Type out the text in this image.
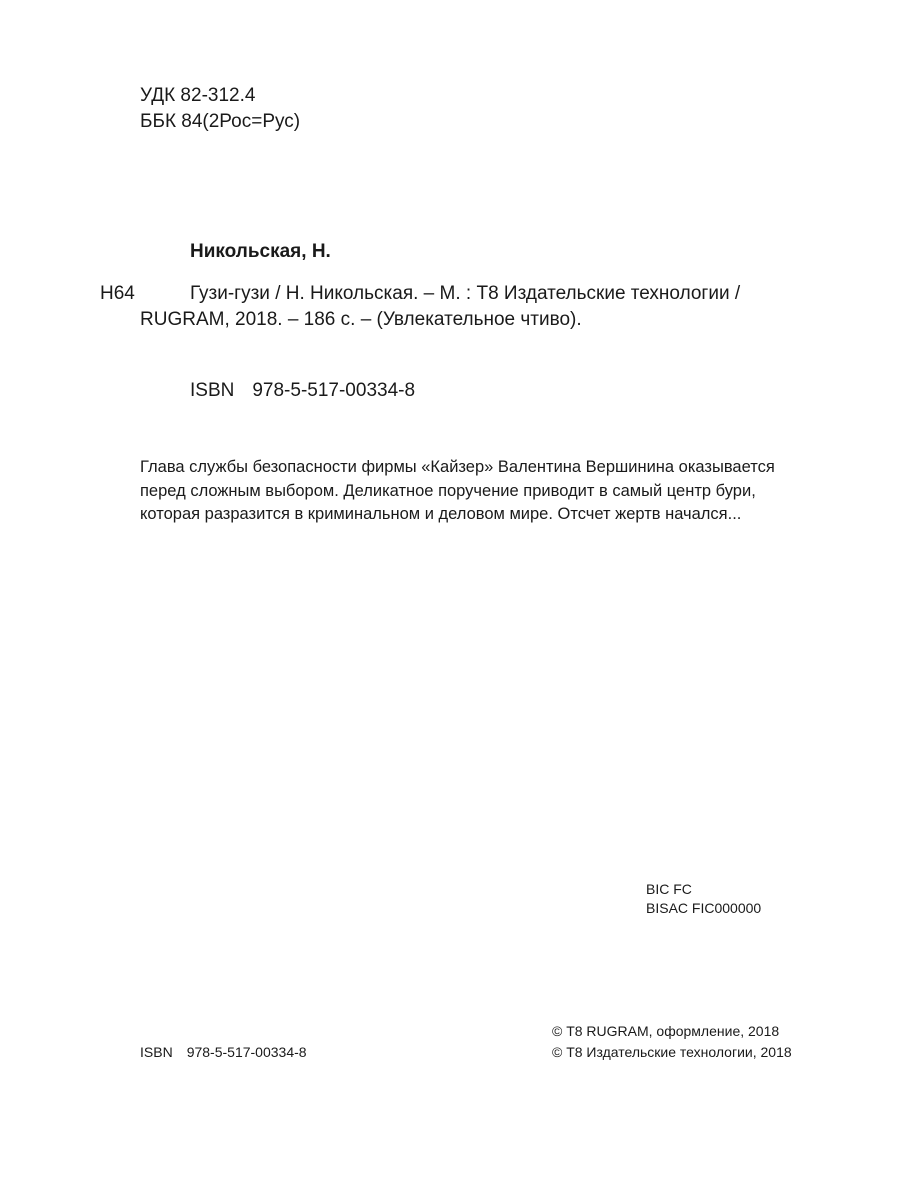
УДК 82-312.4
ББК 84(2Рос=Рус)
Никольская, Н.
Н64	Гузи-гузи / Н. Никольская. – М. : Т8 Издательские технологии /
RUGRAM, 2018. – 186 с. – (Увлекательное чтиво).
ISBN 978-5-517-00334-8
Глава службы безопасности фирмы «Кайзер» Валентина Вершинина оказывается
перед сложным выбором. Деликатное поручение приводит в самый центр бури,
которая разразится в криминальном и деловом мире. Отсчет жертв начался...
BIC FC
BISAC FIC000000
© Т8 RUGRAM, оформление, 2018
ISBN 978-5-517-00334-8	© Т8 Издательские технологии, 2018
